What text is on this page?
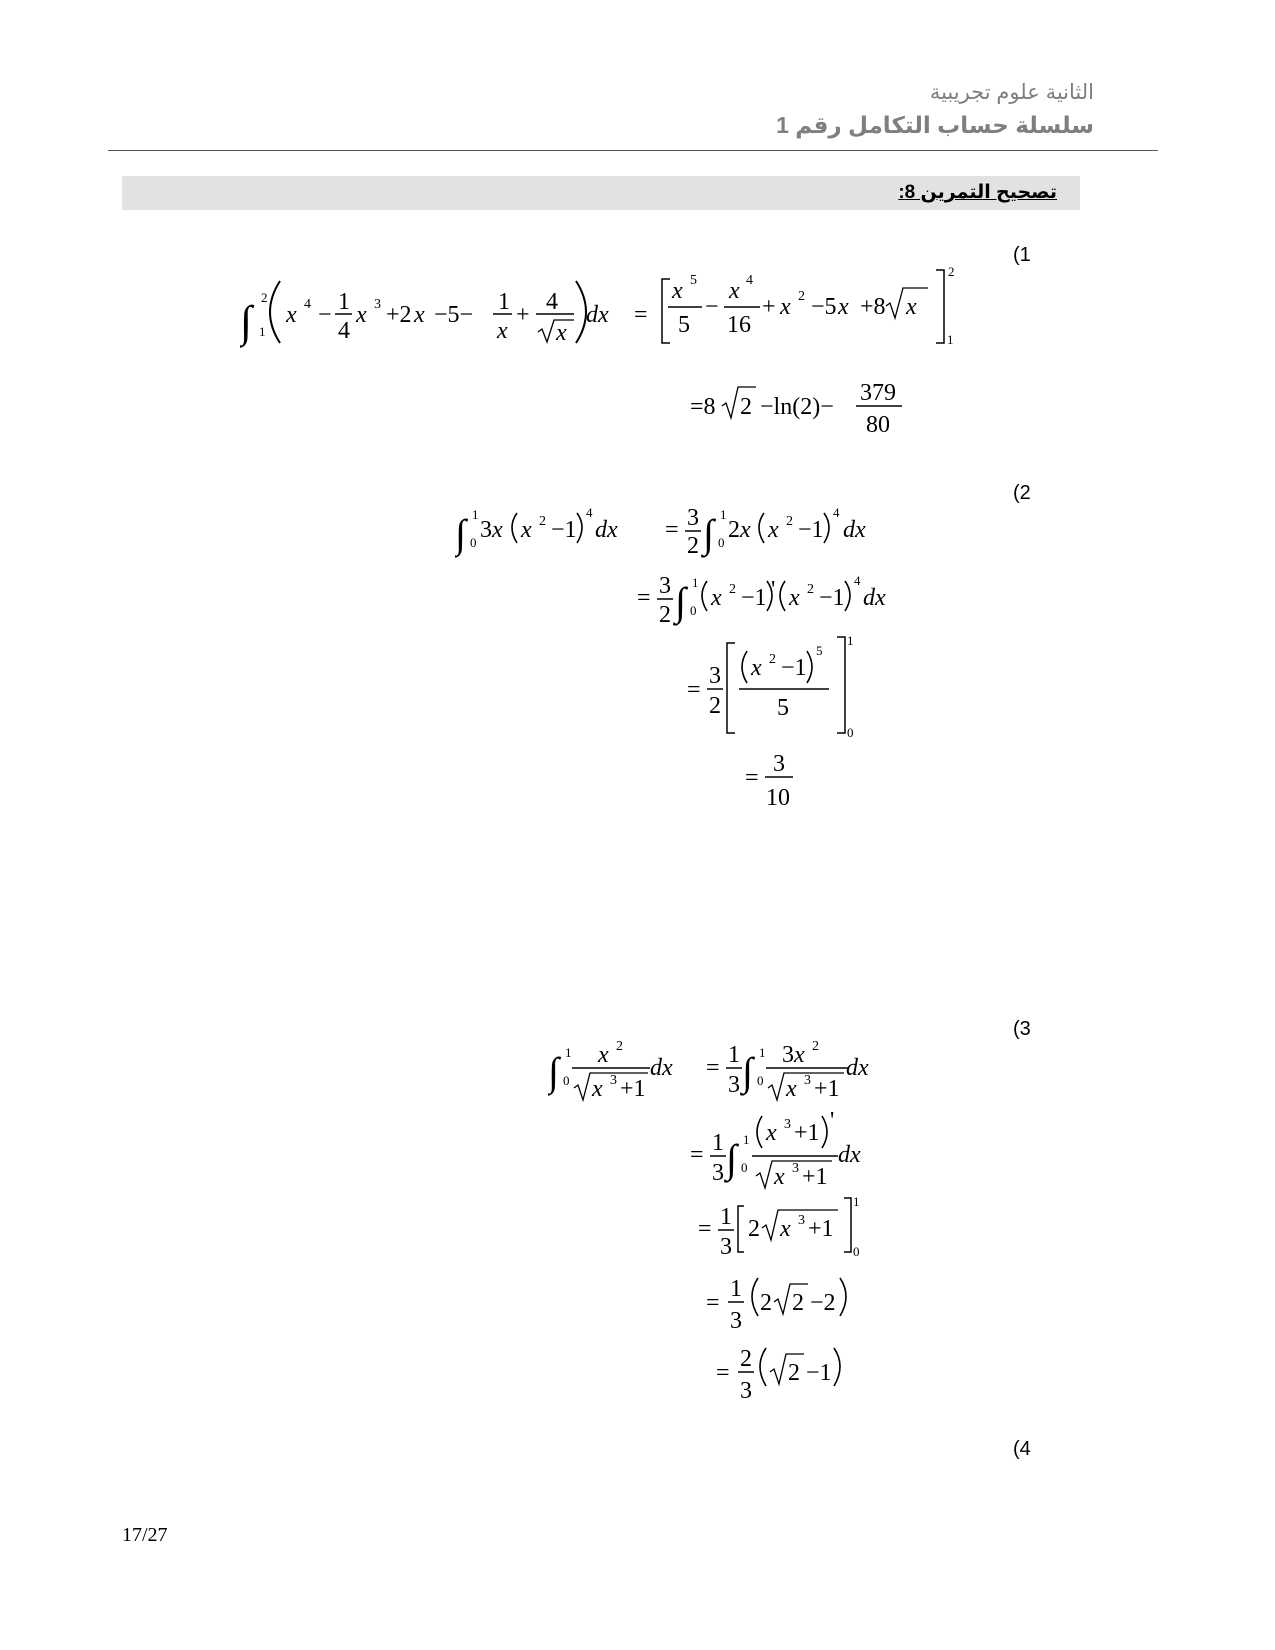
الثانية علوم تجريبية
سلسلة حساب التكامل رقم 1
تصحيح التمرين 8:
(1
(2
(3
(4
∫ 2
1
x 4 − 1
4
x 3 +2 x −5− 1
x
+ 4
x
dx =
x 5
5
−
x 4
16
+ x 2 −5 x +8 x
2
1
=8 2 −ln(2)−
379
80
∫ 1
0 3 x x 2 −1
4
dx = 3
2 ∫ 1
0 2 x x 2 −1
4
dx
= 3
2 ∫ 1
0 x 2 −1 ' x 2 −1
4
dx
=
3
2
x 2 −1
5
5
1
0
=
3
10
∫ 1
0
x 2
x 3 +1
dx = 1
3 ∫ 1
0
3 x 2
x 3 +1
dx
= 1
3 ∫ 1
0
x 3 +1 '
x 3 +1
dx
= 1
3
2 x 3 +1
1
0
=
1
3
2 2 −2
=
2
3
2 −1
17/27
